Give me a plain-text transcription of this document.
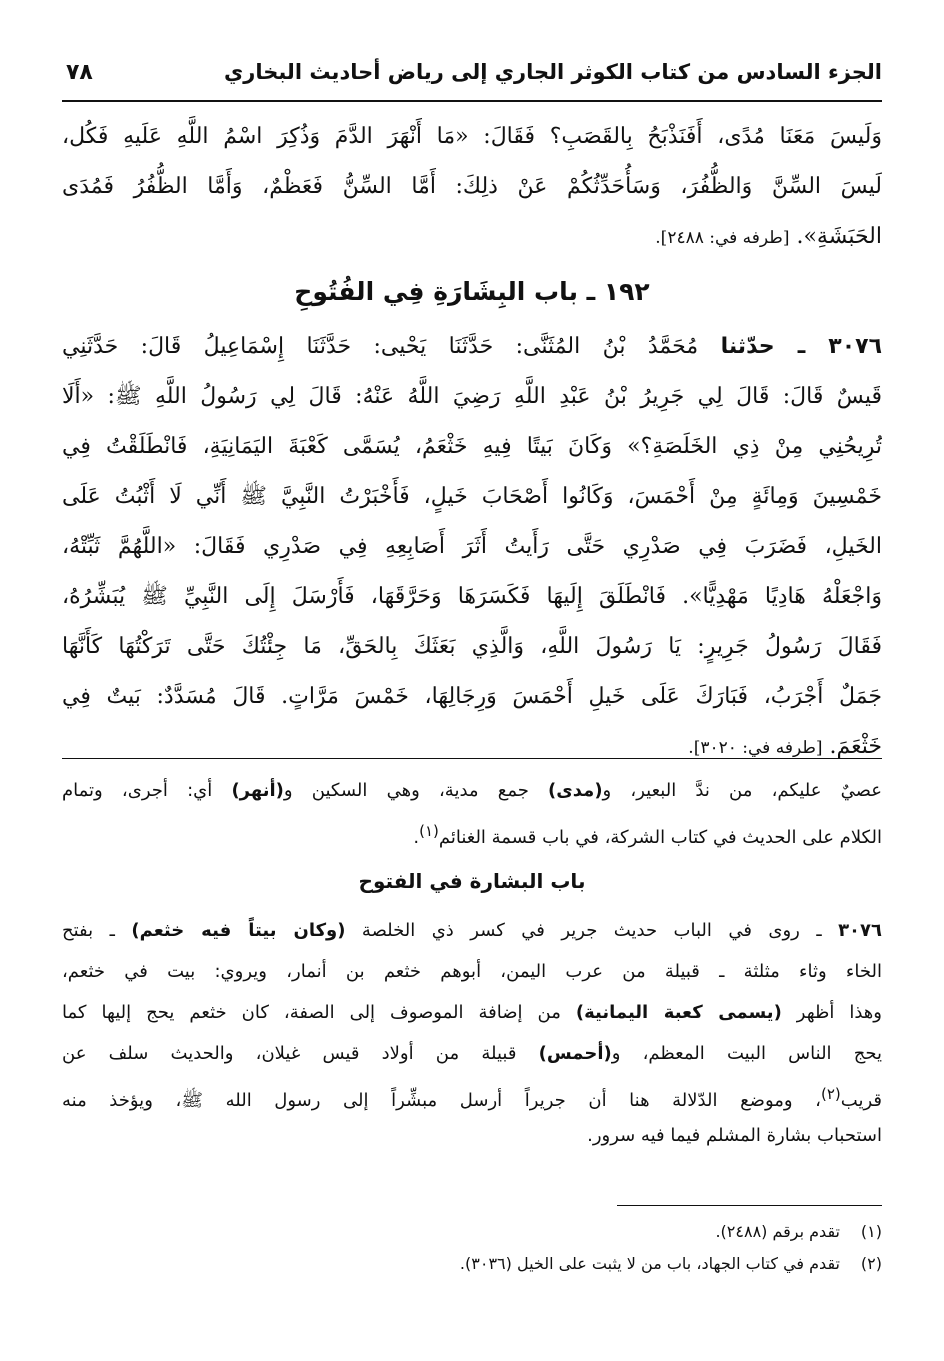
الجزء السادس من كتاب الكوثر الجاري إلى رياض أحاديث البخاري
٧٨
وَلَيسَ مَعَنَا مُدًى، أَفَنَذْبَحُ بِالقَصَبِ؟ فَقَالَ: «مَا أَنْهَرَ الدَّمَ وَذُكِرَ اسْمُ اللَّهِ عَلَيهِ فَكُل،
لَيسَ السِّنَّ وَالظُّفُرَ، وَسَأُحَدِّثُكُمْ عَنْ ذلِكَ: أَمَّا السِّنُّ فَعَظْمٌ، وَأَمَّا الظُّفُرُ فَمُدَى
الحَبَشَةِ». [طرفه في: ٢٤٨٨].
١٩٢ ـ باب البِشَارَةِ فِي الفُتُوحِ
٣٠٧٦ ـ حدّثنا مُحَمَّدُ بْنُ المُثَنَّى: حَدَّثَنَا يَحْيى: حَدَّثَنَا إِسْمَاعِيلُ قَالَ: حَدَّثَنِي
قَيسٌ قَالَ: قَالَ لِي جَرِيرُ بْنُ عَبْدِ اللَّهِ رَضِيَ اللَّهُ عَنْهُ: قَالَ لِي رَسُولُ اللَّهِ ﷺ: «أَلَا
تُرِيحُنِي مِنْ ذِي الخَلَصَةِ؟» وَكَانَ بَيتًا فِيهِ خَثْعَمُ، يُسَمَّى كَعْبَةَ اليَمَانِيَةِ، فَانْطَلَقْتُ فِي
خَمْسِينَ وَمِائَةٍ مِنْ أَحْمَسَ، وَكَانُوا أَصْحَابَ خَيلٍ، فَأَخْبَرْتُ النَّبِيَّ ﷺ أَنِّي لَا أَثْبُتُ عَلَى
الخَيلِ، فَضَرَبَ فِي صَدْرِي حَتَّى رَأَيتُ أَثَرَ أَصَابِعِهِ فِي صَدْرِي فَقَالَ: «اللَّهُمَّ ثَبِّتْهُ،
وَاجْعَلْهُ هَادِيًا مَهْدِيًّا». فَانْطَلَقَ إِلَيهَا فَكَسَرَهَا وَحَرَّقَهَا، فَأَرْسَلَ إِلَى النَّبِيِّ ﷺ يُبَشِّرُهُ،
فَقَالَ رَسُولُ جَرِيرٍ: يَا رَسُولَ اللَّهِ، وَالَّذِي بَعَثَكَ بِالحَقِّ، مَا جِئْتُكَ حَتَّى تَرَكْتُهَا كَأَنَّهَا
جَمَلٌ أَجْرَبُ، فَبَارَكَ عَلَى خَيلِ أَحْمَسَ وَرِجَالِهَا، خَمْسَ مَرَّاتٍ. قَالَ مُسَدَّدٌ: بَيتٌ فِي
خَثْعَمَ. [طرفه في: ٣٠٢٠].
عصيٌ عليكم، من ندَّ البعير، و(مدى) جمع مدية، وهي السكين و(أنهر) أي: أجرى، وتمام
الكلام على الحديث في كتاب الشركة، في باب قسمة الغنائم$^{(١)}$.
باب البشارة في الفتوح
٣٠٧٦ ـ روى في الباب حديث جرير في كسر ذي الخلصة (وكان بيتاً فيه خثعم) ـ بفتح
الخاء وثاء مثلثة ـ قبيلة من عرب اليمن، أبوهم خثعم بن أنمار، ويروي: بيت في خثعم،
وهذا أظهر (يسمى كعبة اليمانية) من إضافة الموصوف إلى الصفة، كان خثعم يحج إليها كما
يحج الناس البيت المعظم، و(أحمس) قبيلة من أولاد قيس غيلان، والحديث سلف عن
قريب$^{(٢)}$، وموضع الدّلالة هنا أن جريراً أرسل مبشِّراً إلى رسول الله ﷺ، ويؤخذ منه
استحباب بشارة المشلم فيما فيه سرور.
(١)تقدم برقم (٢٤٨٨).
(٢)تقدم في كتاب الجهاد، باب من لا يثبت على الخيل (٣٠٣٦).
